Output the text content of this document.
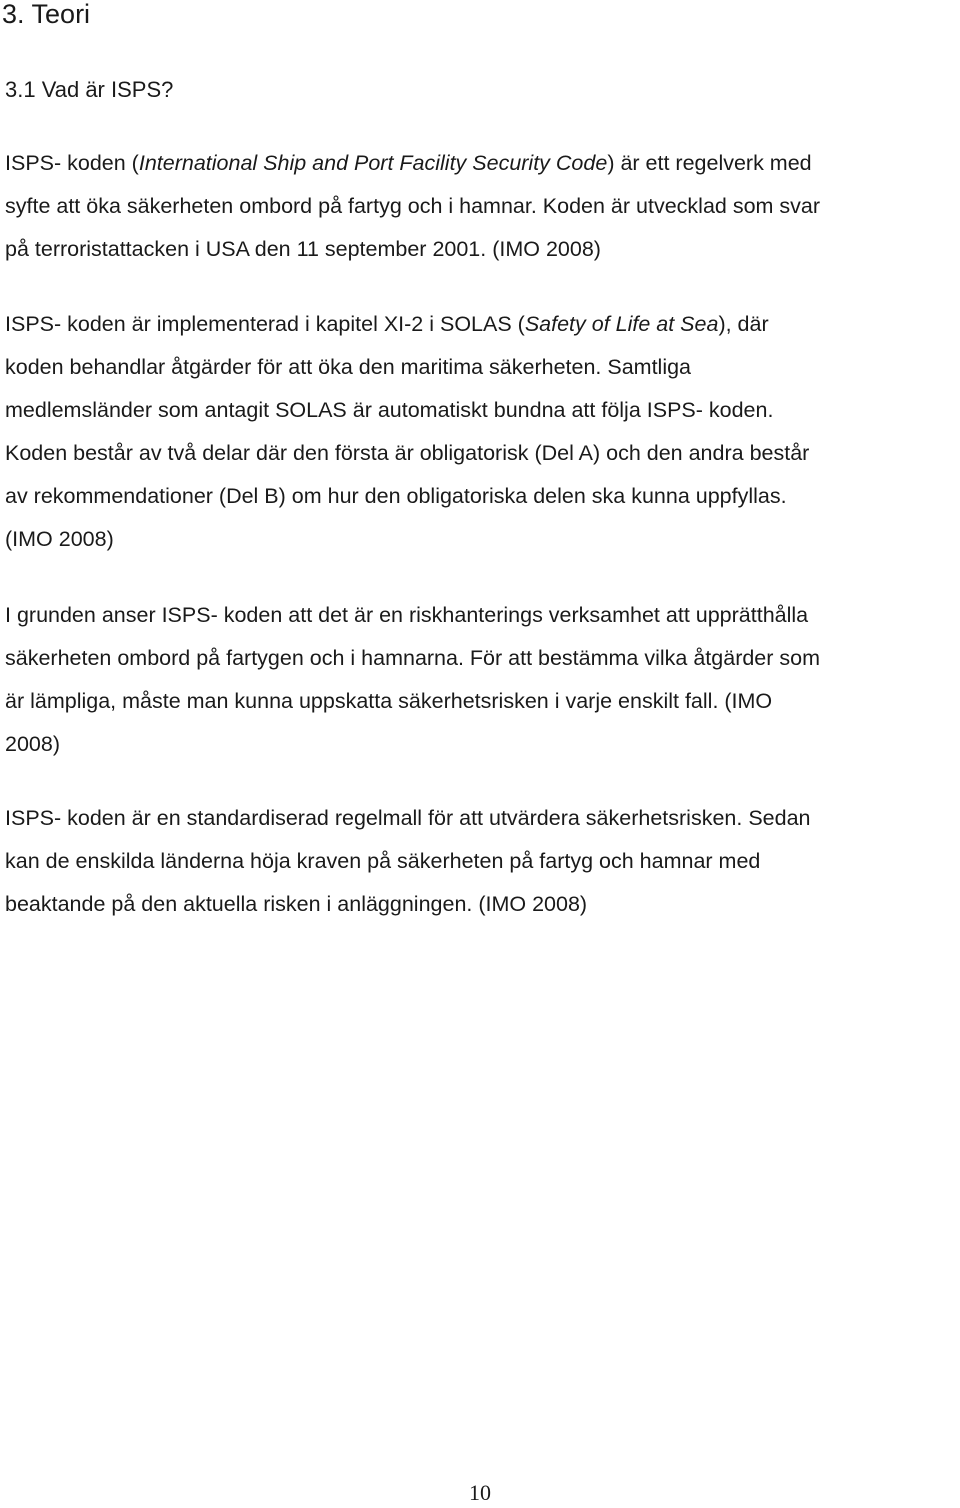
3. Teori
3.1 Vad är ISPS?

ISPS- koden (International Ship and Port Facility Security Code) är ett regelverk med
syfte att öka säkerheten ombord på fartyg och i hamnar. Koden är utvecklad som svar
på terroristattacken i USA den 11 september 2001. (IMO 2008)

ISPS- koden är implementerad i kapitel XI-2 i SOLAS (Safety of Life at Sea), där
koden behandlar åtgärder för att öka den maritima säkerheten. Samtliga
medlemsländer som antagit SOLAS är automatiskt bundna att följa ISPS- koden.
Koden består av två delar där den första är obligatorisk (Del A) och den andra består
av rekommendationer (Del B) om hur den obligatoriska delen ska kunna uppfyllas.
(IMO 2008)

I grunden anser ISPS- koden att det är en riskhanterings verksamhet att upprätthålla
säkerheten ombord på fartygen och i hamnarna. För att bestämma vilka åtgärder som
är lämpliga, måste man kunna uppskatta säkerhetsrisken i varje enskilt fall. (IMO
2008)

ISPS- koden är en standardiserad regelmall för att utvärdera säkerhetsrisken. Sedan
kan de enskilda länderna höja kraven på säkerheten på fartyg och hamnar med
beaktande på den aktuella risken i anläggningen. (IMO 2008)

10
